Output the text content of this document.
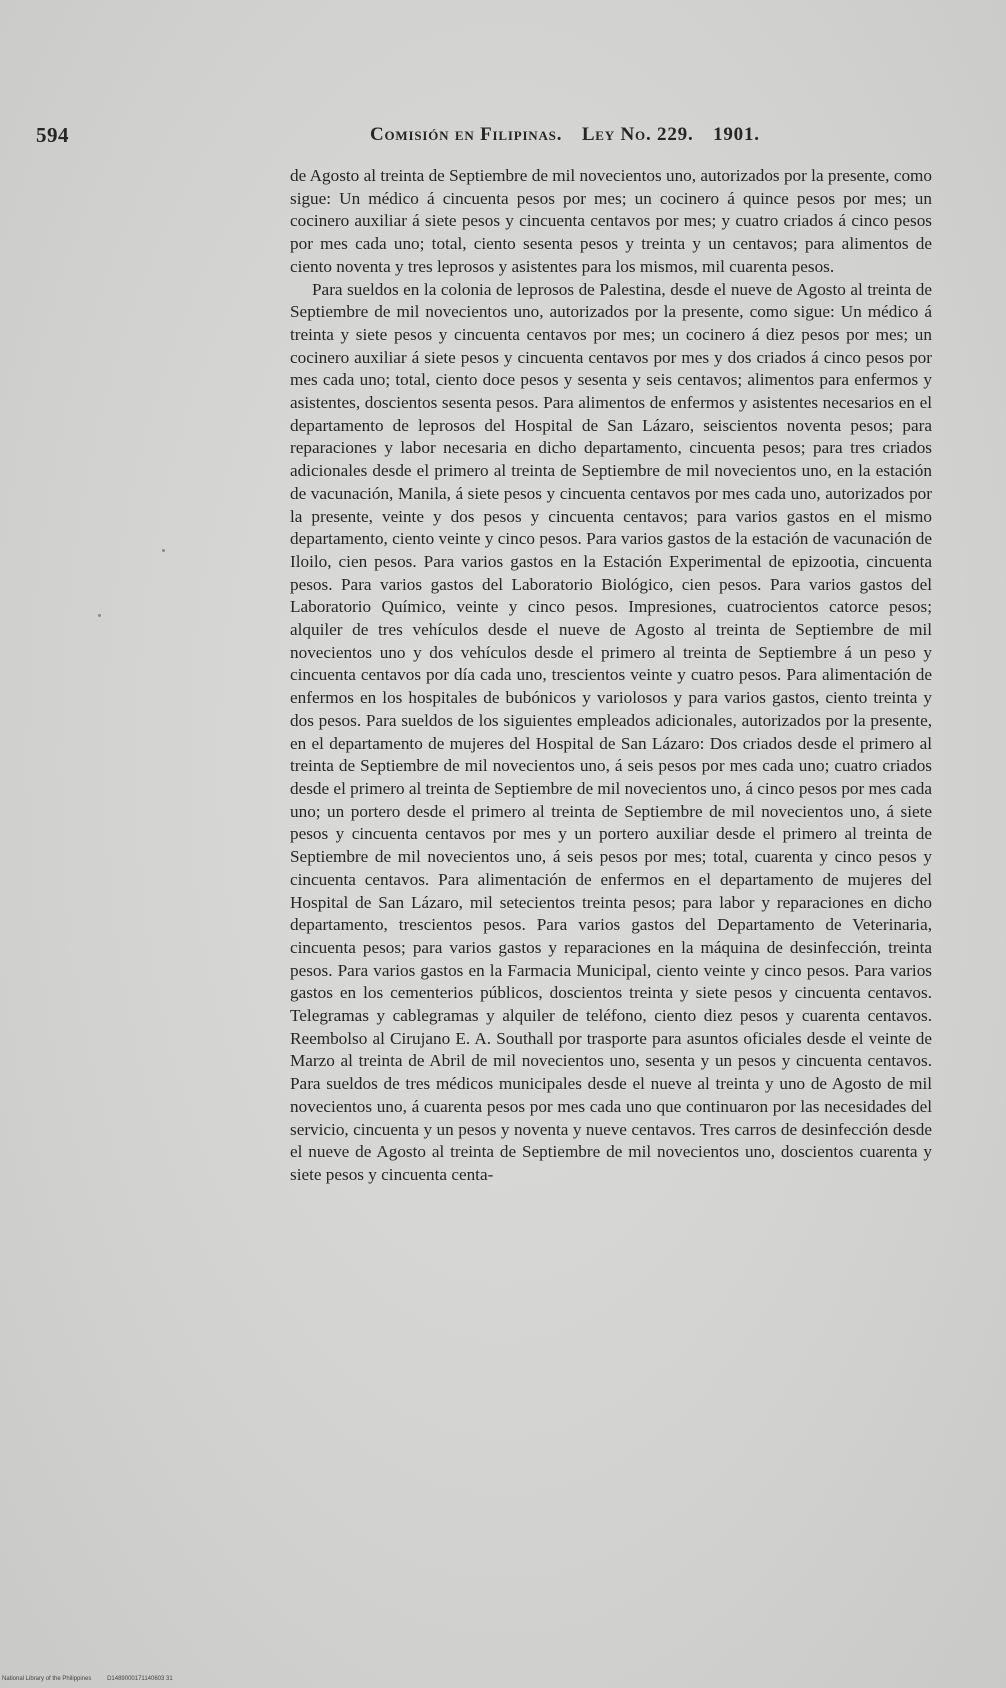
594	Comisión en Filipinas. Ley No. 229. 1901.

de Agosto al treinta de Septiembre de mil novecientos uno, autorizados por la presente, como sigue: Un médico á cincuenta pesos por mes; un cocinero á quince pesos por mes; un cocinero auxiliar á siete pesos y cincuenta centavos por mes; y cuatro criados á cinco pesos por mes cada uno; total, ciento sesenta pesos y treinta y un centavos; para alimentos de ciento noventa y tres leprosos y asistentes para los mismos, mil cuarenta pesos.

Para sueldos en la colonia de leprosos de Palestina, desde el nueve de Agosto al treinta de Septiembre de mil novecientos uno, autorizados por la presente, como sigue: Un médico á treinta y siete pesos y cincuenta centavos por mes; un cocinero á diez pesos por mes; un cocinero auxiliar á siete pesos y cincuenta centavos por mes y dos criados á cinco pesos por mes cada uno; total, ciento doce pesos y sesenta y seis centavos; alimentos para enfermos y asistentes, doscientos sesenta pesos. Para alimentos de enfermos y asistentes necesarios en el departamento de leprosos del Hospital de San Lázaro, seiscientos noventa pesos; para reparaciones y labor necesaria en dicho departamento, cincuenta pesos; para tres criados adicionales desde el primero al treinta de Septiembre de mil novecientos uno, en la estación de vacunación, Manila, á siete pesos y cincuenta centavos por mes cada uno, autorizados por la presente, veinte y dos pesos y cincuenta centavos; para varios gastos en el mismo departamento, ciento veinte y cinco pesos. Para varios gastos de la estación de vacunación de Iloilo, cien pesos. Para varios gastos en la Estación Experimental de epizootia, cincuenta pesos. Para varios gastos del Laboratorio Biológico, cien pesos. Para varios gastos del Laboratorio Químico, veinte y cinco pesos. Impresiones, cuatrocientos catorce pesos; alquiler de tres vehículos desde el nueve de Agosto al treinta de Septiembre de mil novecientos uno y dos vehículos desde el primero al treinta de Septiembre á un peso y cincuenta centavos por día cada uno, trescientos veinte y cuatro pesos. Para alimentación de enfermos en los hospitales de bubónicos y variolosos y para varios gastos, ciento treinta y dos pesos. Para sueldos de los siguientes empleados adicionales, autorizados por la presente, en el departamento de mujeres del Hospital de San Lázaro: Dos criados desde el primero al treinta de Septiembre de mil novecientos uno, á seis pesos por mes cada uno; cuatro criados desde el primero al treinta de Septiembre de mil novecientos uno, á cinco pesos por mes cada uno; un portero desde el primero al treinta de Septiembre de mil novecientos uno, á siete pesos y cincuenta centavos por mes y un portero auxiliar desde el primero al treinta de Septiembre de mil novecientos uno, á seis pesos por mes; total, cuarenta y cinco pesos y cincuenta centavos. Para alimentación de enfermos en el departamento de mujeres del Hospital de San Lázaro, mil setecientos treinta pesos; para labor y reparaciones en dicho departamento, trescientos pesos. Para varios gastos del Departamento de Veterinaria, cincuenta pesos; para varios gastos y reparaciones en la máquina de desinfección, treinta pesos. Para varios gastos en la Farmacia Municipal, ciento veinte y cinco pesos. Para varios gastos en los cementerios públicos, doscientos treinta y siete pesos y cincuenta centavos. Telegramas y cablegramas y alquiler de teléfono, ciento diez pesos y cuarenta centavos. Reembolso al Cirujano E. A. Southall por trasporte para asuntos oficiales desde el veinte de Marzo al treinta de Abril de mil novecientos uno, sesenta y un pesos y cincuenta centavos. Para sueldos de tres médicos municipales desde el nueve al treinta y uno de Agosto de mil novecientos uno, á cuarenta pesos por mes cada uno que continuaron por las necesidades del servicio, cincuenta y un pesos y noventa y nueve centavos. Tres carros de desinfección desde el nueve de Agosto al treinta de Septiembre de mil novecientos uno, doscientos cuarenta y siete pesos y cincuenta centa-

National Library of the Philippines	D1489000171140603 31
